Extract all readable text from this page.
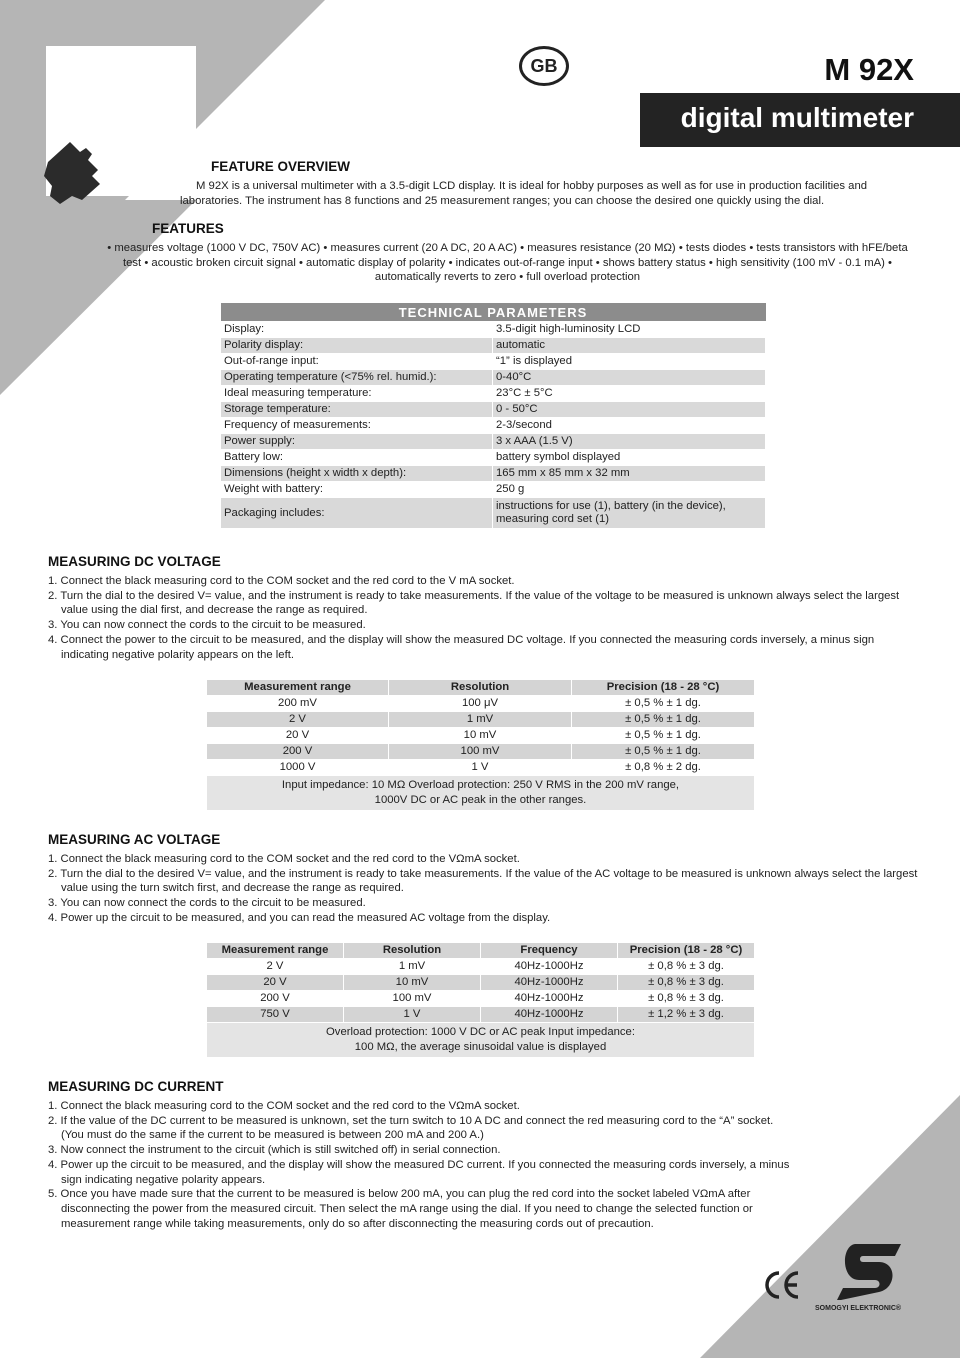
GB	M 92X
digital multimeter
FEATURE OVERVIEW
M 92X is a universal multimeter with a 3.5-digit LCD display. It is ideal for hobby purposes as well as for use in production facilities and laboratories. The instrument has 8 functions and 25 measurement ranges; you can choose the desired one quickly using the dial.
FEATURES
• measures voltage (1000 V DC, 750V AC) • measures current (20 A DC, 20 A AC) • measures resistance (20 MΩ) • tests diodes • tests transistors with hFE/beta test • acoustic broken circuit signal • automatic display of polarity • indicates out-of-range input • shows battery status • high sensitivity (100 mV - 0.1 mA) • automatically reverts to zero • full overload protection
TECHNICAL PARAMETERS	
Display:	3.5-digit high-luminosity LCD
Polarity display:	automatic
Out-of-range input:	“1” is displayed
Operating temperature (<75% rel. humid.):	0-40°C
Ideal measuring temperature:	23°C ± 5°C
Storage temperature:	0 - 50°C
Frequency of measurements:	2-3/second
Power supply:	3 x AAA (1.5 V)
Battery low:	battery symbol displayed
Dimensions (height x width x depth):	165 mm x 85 mm x 32 mm
Weight with battery:	250 g
Packaging includes:	instructions for use (1), battery (in the device), measuring cord set (1)
MEASURING DC VOLTAGE
1. Connect the black measuring cord to the COM socket and the red cord to the V mA socket.
2. Turn the dial to the desired V= value, and the instrument is ready to take measurements. If the value of the voltage to be measured is unknown always select the largest value using the dial first, and decrease the range as required.
3. You can now connect the cords to the circuit to be measured.
4. Connect the power to the circuit to be measured, and the display will show the measured DC voltage. If you connected the measuring cords inversely, a minus sign indicating negative polarity appears on the left.
Measurement range	Resolution	Precision (18 - 28 °C)
200 mV	100 μV	± 0,5 % ± 1 dg.
2 V	1 mV	± 0,5 % ± 1 dg.
20 V	10 mV	± 0,5 % ± 1 dg.
200 V	100 mV	± 0,5 % ± 1 dg.
1000 V	1 V	± 0,8 % ± 2 dg.

Input impedance: 10 MΩ Overload protection: 250 V RMS in the 200 mV range,
1000V DC or AC peak in the other ranges.		
MEASURING AC VOLTAGE
1. Connect the black measuring cord to the COM socket and the red cord to the VΩmA socket.
2. Turn the dial to the desired V= value, and the instrument is ready to take measurements. If the value of the AC voltage to be measured is unknown always select the largest value using the turn switch first, and decrease the range as required.
3. You can now connect the cords to the circuit to be measured.
4. Power up the circuit to be measured, and you can read the measured AC voltage from the display.
Measurement range	Resolution	Frequency	Precision (18 - 28 °C)
2 V	1 mV	40Hz-1000Hz	± 0,8 % ± 3 dg.
20 V	10 mV	40Hz-1000Hz	± 0,8 % ± 3 dg.
200 V	100 mV	40Hz-1000Hz	± 0,8 % ± 3 dg.
750 V	1 V	40Hz-1000Hz	± 1,2 % ± 3 dg.

Overload protection: 1000 V DC or AC peak Input impedance:
100 MΩ, the average sinusoidal value is displayed			
MEASURING DC CURRENT
1. Connect the black measuring cord to the COM socket and the red cord to the VΩmA socket.
2. If the value of the DC current to be measured is unknown, set the turn switch to 10 A DC and connect the red measuring cord to the “A” socket. (You must do the same if the current to be measured is between 200 mA and 200 A.)
3. Now connect the instrument to the circuit (which is still switched off) in serial connection.
4. Power up the circuit to be measured, and the display will show the measured DC current. If you connected the measuring cords inversely, a minus sign indicating negative polarity appears.
5. Once you have made sure that the current to be measured is below 200 mA, you can plug the red cord into the socket labeled VΩmA after disconnecting the power from the measured circuit. Then select the mA range using the dial. If you need to change the selected function or measurement range while taking measurements, only do so after disconnecting the measuring cords out of precaution.
CE
SOMOGYI ELEKTRONIC®
